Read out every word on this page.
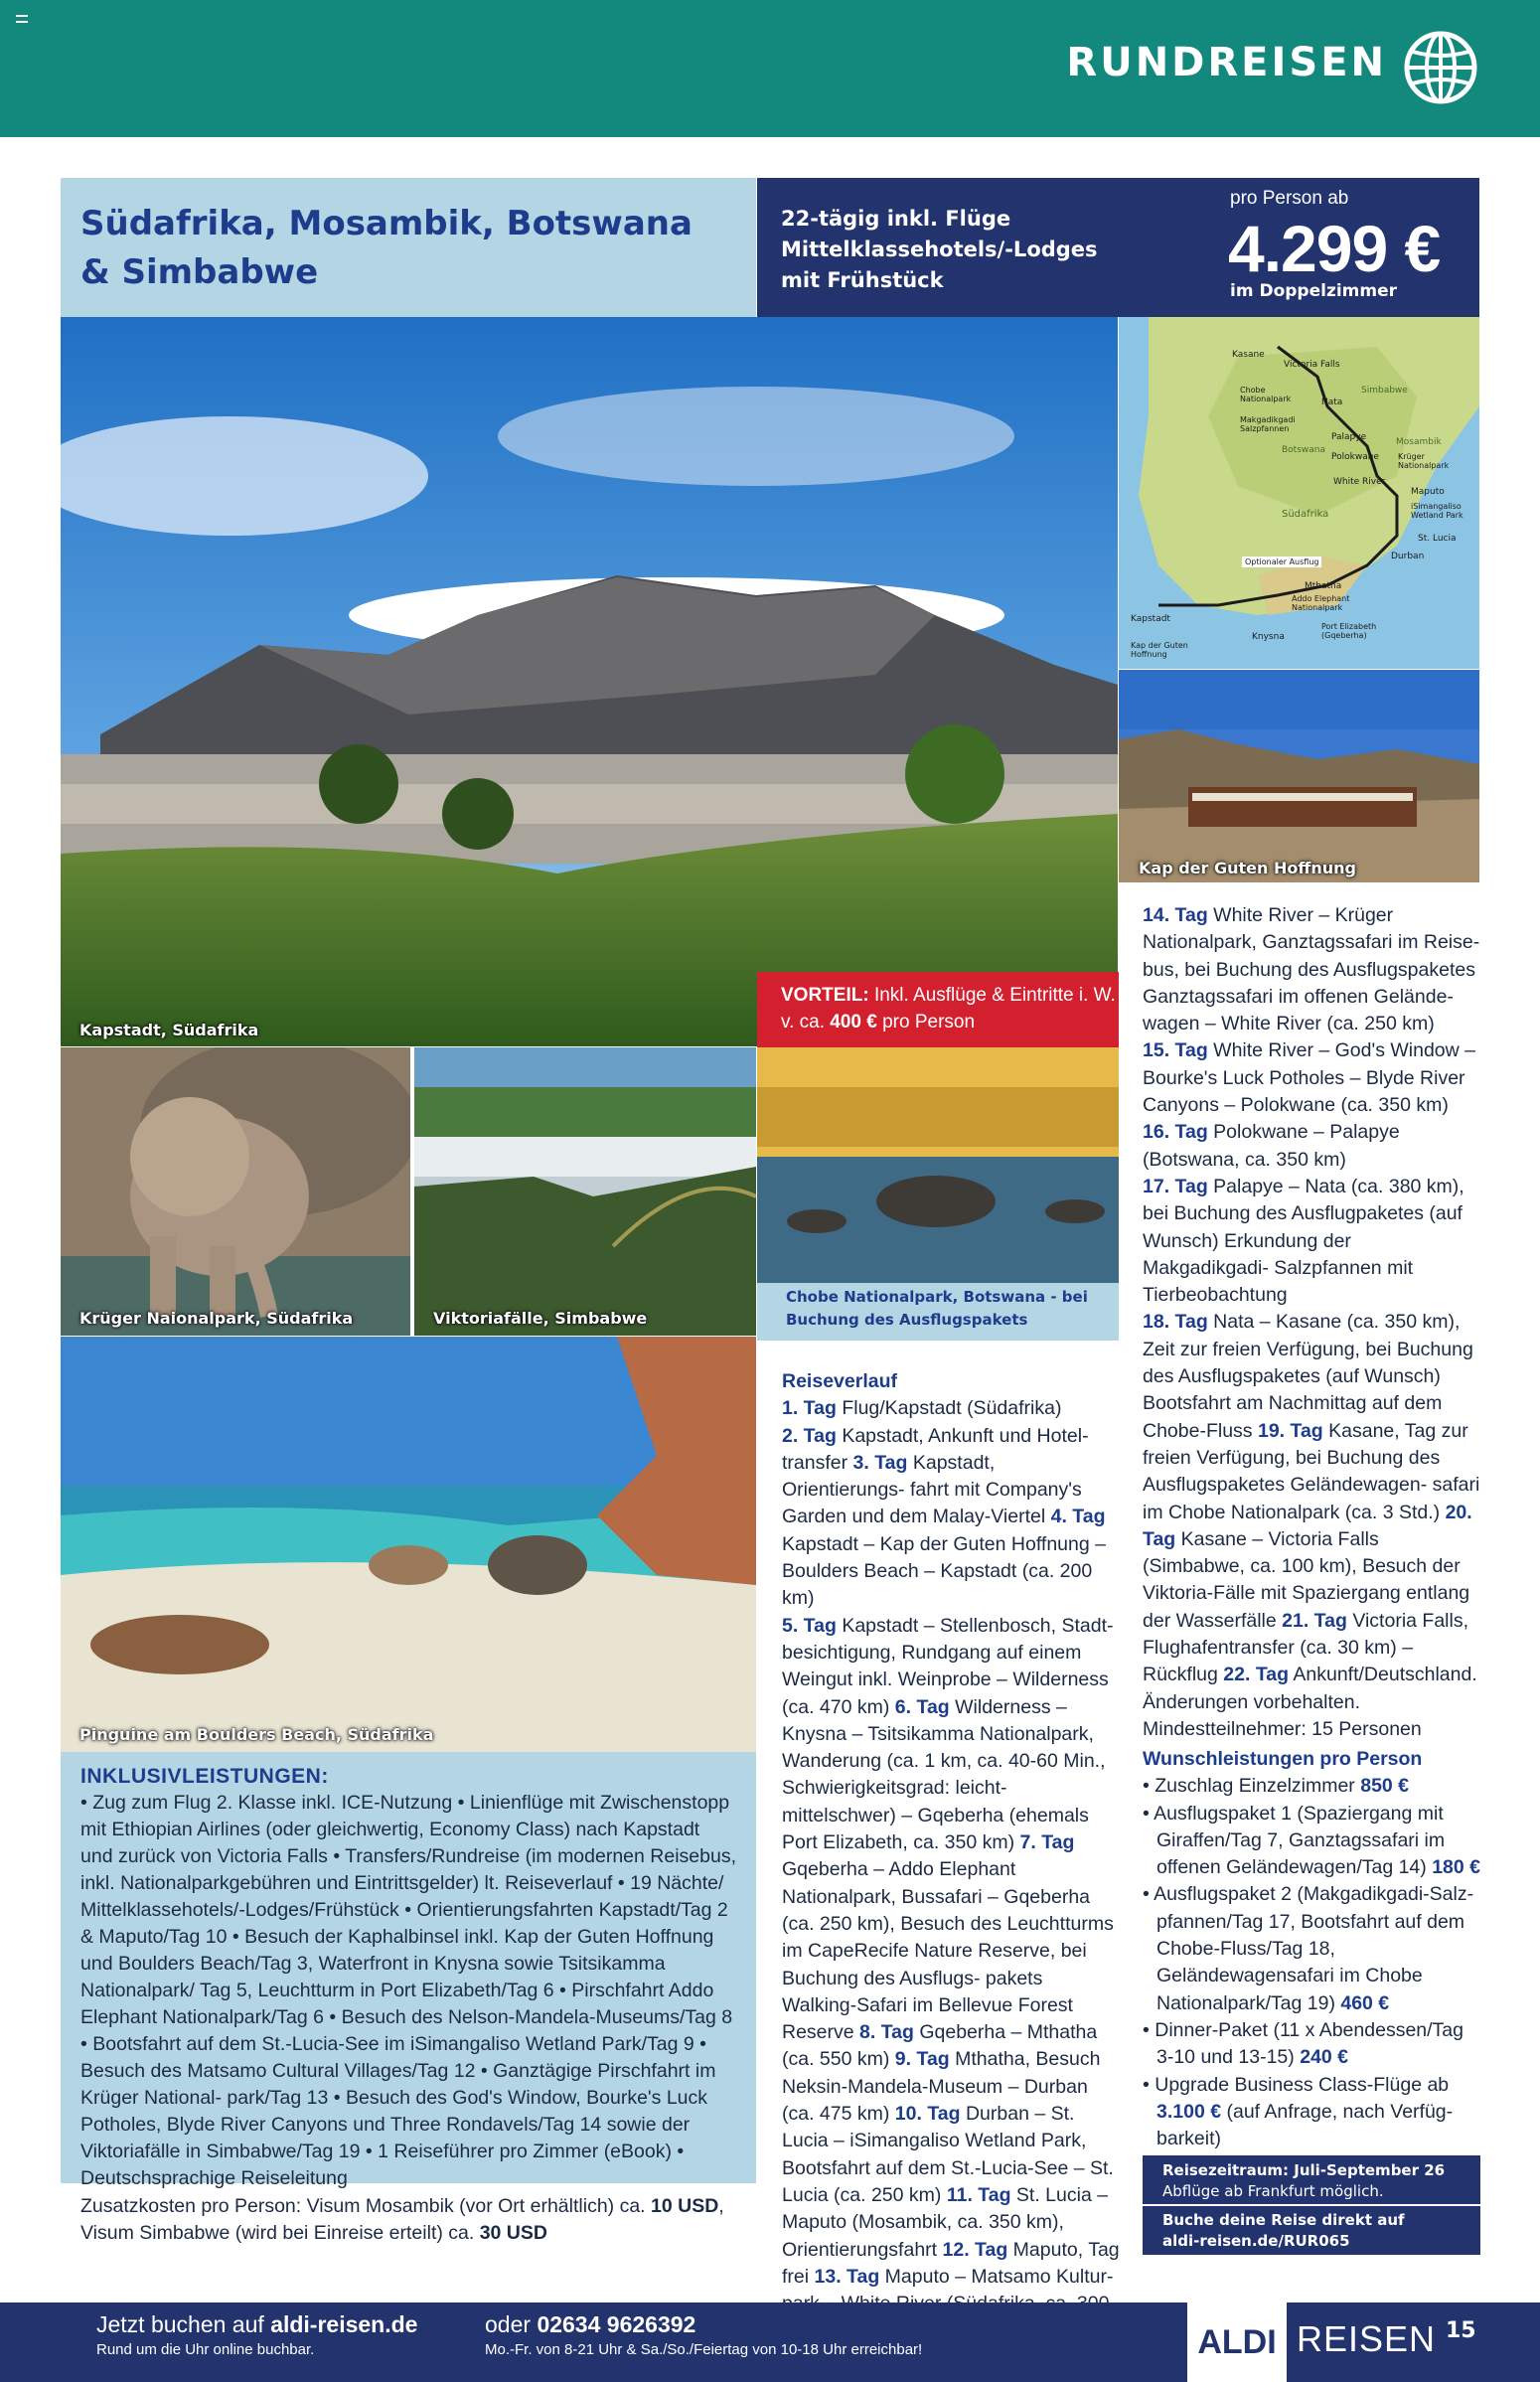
RUNDREISEN
Südafrika, Mosambik, Botswana & Simbabwe
22-tägig inkl. Flüge
Mittelklassehotels/-Lodges
mit Frühstück
pro Person ab
4.299 €
im Doppelzimmer
Kapstadt, Südafrika
Kasane
Victoria Falls
Chobe Nationalpark
Makgadikgadi Salzpfannen
Nata
Palapye
Simbabwe
Botswana
Mosambik
Polokwane Krüger Nationalpark
White River
Maputo
iSimangaliso Wetland Park
St. Lucia
Südafrika
Durban
Mthatha
Addo Elephant Nationalpark
Kapstadt
Knysna
Port Elizabeth (Gqeberha)
Kap der Guten Hoffnung
Optionaler Ausflug
Kap der Guten Hoffnung
Krüger Naionalpark, Südafrika	Viktoriafälle, Simbabwe
VORTEIL: Inkl. Ausflüge & Eintritte i. W. v. ca. 400 € pro Person
Chobe Nationalpark, Botswana - bei Buchung des Ausflugspakets
Pinguine am Boulders Beach, Südafrika
INKLUSIVLEISTUNGEN:
• Zug zum Flug 2. Klasse inkl. ICE-Nutzung • Linienflüge mit Zwischenstopp mit Ethiopian Airlines (oder gleichwertig, Economy Class) nach Kapstadt und zurück von Victoria Falls • Transfers/Rundreise (im modernen Reisebus, inkl. Nationalparkgebühren und Eintrittsgelder) lt. Reiseverlauf • 19 Nächte/ Mittelklassehotels/-Lodges/Frühstück • Orientierungsfahrten Kapstadt/Tag 2 & Maputo/Tag 10 • Besuch der Kaphalbinsel inkl. Kap der Guten Hoffnung und Boulders Beach/Tag 3, Waterfront in Knysna sowie Tsitsikamma Nationalpark/ Tag 5, Leuchtturm in Port Elizabeth/Tag 6 • Pirschfahrt Addo Elephant Nationalpark/Tag 6 • Besuch des Nelson-Mandela-Museums/Tag 8 • Bootsfahrt auf dem St.-Lucia-See im iSimangaliso Wetland Park/Tag 9 • Besuch des Matsamo Cultural Villages/Tag 12 • Ganztägige Pirschfahrt im Krüger National- park/Tag 13 • Besuch des God's Window, Bourke's Luck Potholes, Blyde River Canyons und Three Rondavels/Tag 14 sowie der Viktoriafälle in Simbabwe/Tag 19 • 1 Reiseführer pro Zimmer (eBook) • Deutschsprachige Reiseleitung
Zusatzkosten pro Person: Visum Mosambik (vor Ort erhältlich) ca. 10 USD, Visum Simbabwe (wird bei Einreise erteilt) ca. 30 USD
Reiseverlauf
1. Tag Flug/Kapstadt (Südafrika)
2. Tag Kapstadt, Ankunft und Hotel- transfer 3. Tag Kapstadt, Orientierungs- fahrt mit Company's Garden und dem Malay-Viertel 4. Tag Kapstadt – Kap der Guten Hoffnung – Boulders Beach – Kapstadt (ca. 200 km)
5. Tag Kapstadt – Stellenbosch, Stadt- besichtigung, Rundgang auf einem Weingut inkl. Weinprobe – Wilderness (ca. 470 km) 6. Tag Wilderness – Knysna – Tsitsikamma Nationalpark, Wanderung (ca. 1 km, ca. 40-60 Min., Schwierigkeitsgrad: leicht-mittelschwer) – Gqeberha (ehemals Port Elizabeth, ca. 350 km) 7. Tag Gqeberha – Addo Elephant Nationalpark, Bussafari – Gqeberha (ca. 250 km), Besuch des Leuchtturms im CapeRecife Nature Reserve, bei Buchung des Ausflugs- pakets Walking-Safari im Bellevue Forest Reserve 8. Tag Gqeberha – Mthatha (ca. 550 km) 9. Tag Mthatha, Besuch Neksin-Mandela-Museum – Durban (ca. 475 km) 10. Tag Durban – St. Lucia – iSimangaliso Wetland Park, Bootsfahrt auf dem St.-Lucia-See – St. Lucia (ca. 250 km) 11. Tag St. Lucia – Maputo (Mosambik, ca. 350 km), Orientierungsfahrt 12. Tag Maputo, Tag frei 13. Tag Maputo – Matsamo Kultur-
14. Tag White River – Krüger Nationalpark, Ganztagssafari im Reise- bus, bei Buchung des Ausflugspaketes Ganztagssafari im offenen Gelände- wagen – White River (ca. 250 km)
15. Tag White River – God's Window – Bourke's Luck Potholes – Blyde River Canyons – Polokwane (ca. 350 km)
16. Tag Polokwane – Palapye (Botswana, ca. 350 km)
17. Tag Palapye – Nata (ca. 380 km), bei Buchung des Ausflugpaketes (auf Wunsch) Erkundung der Makgadikgadi- Salzpfannen mit Tierbeobachtung
18. Tag Nata – Kasane (ca. 350 km), Zeit zur freien Verfügung, bei Buchung des Ausflugspaketes (auf Wunsch) Bootsfahrt am Nachmittag auf dem Chobe-Fluss 19. Tag Kasane, Tag zur freien Verfügung, bei Buchung des Ausflugspaketes Geländewagen- safari im Chobe Nationalpark (ca. 3 Std.) 20. Tag Kasane – Victoria Falls (Simbabwe, ca. 100 km), Besuch der Viktoria-Fälle mit Spaziergang entlang der Wasserfälle 21. Tag Victoria Falls, Flughafentransfer (ca. 30 km) – Rückflug 22. Tag Ankunft/Deutschland.
Änderungen vorbehalten.
Mindestteilnehmer: 15 Personen
Wunschleistungen pro Person
• Zuschlag Einzelzimmer 850 €
• Ausflugspaket 1 (Spaziergang mit Giraffen/Tag 7, Ganztagssafari im offenen Geländewagen/Tag 14) 180 €
• Ausflugspaket 2 (Makgadikgadi-Salz- pfannen/Tag 17, Bootsfahrt auf dem Chobe-Fluss/Tag 18, Geländewagensafari im Chobe Nationalpark/Tag 19) 460 €
• Dinner-Paket (11 x Abendessen/Tag 3-10 und 13-15) 240 €
• Upgrade Business Class-Flüge ab 3.100 € (auf Anfrage, nach Verfüg- barkeit)
Reisezeitraum: Juli-September 26
Abflüge ab Frankfurt möglich.
Buche deine Reise direkt auf
aldi-reisen.de/RUR065
Jetzt buchen auf aldi-reisen.de
Rund um die Uhr online buchbar.
oder 02634 9626392
Mo.-Fr. von 8-21 Uhr & Sa./So./Feiertag von 10-18 Uhr erreichbar!	ALDI REISEN 15
